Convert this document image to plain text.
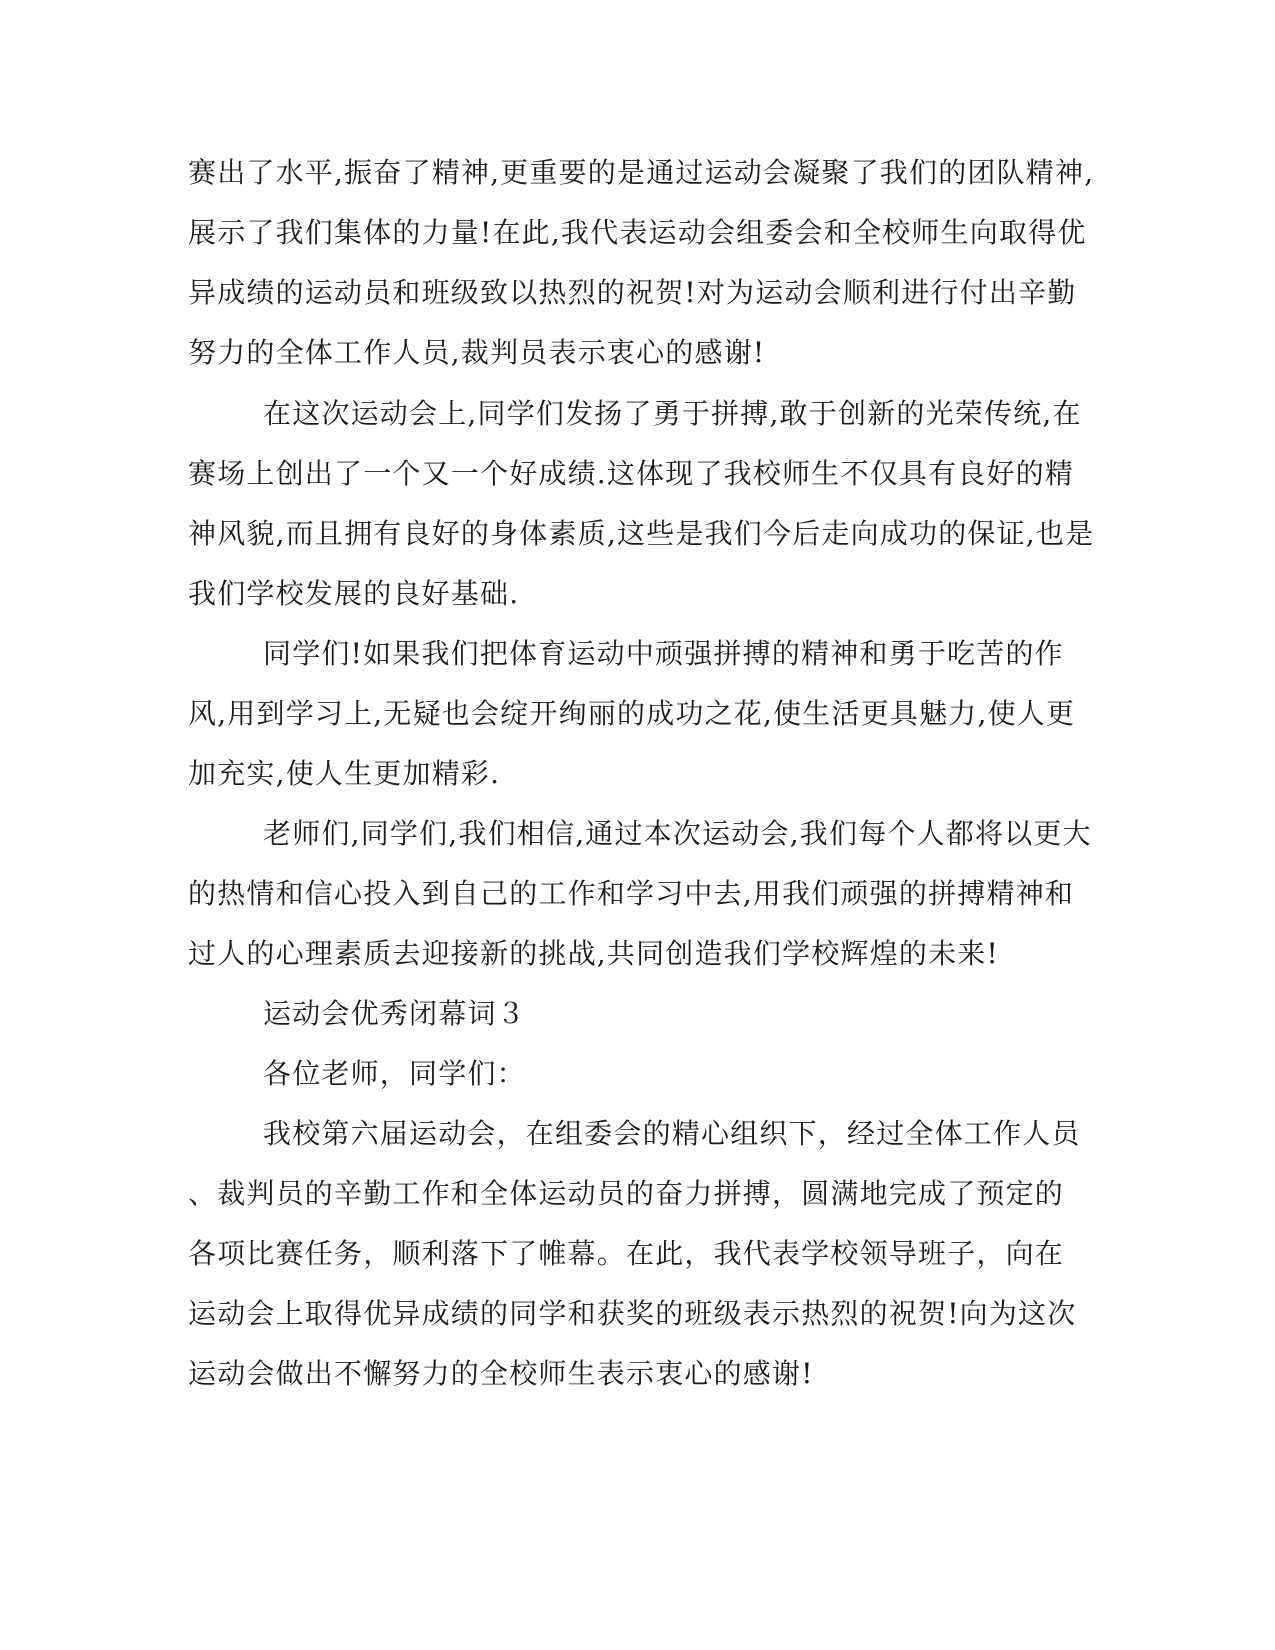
赛出了水平,振奋了精神,更重要的是通过运动会凝聚了我们的团队精神,
展示了我们集体的力量!在此,我代表运动会组委会和全校师生向取得优
异成绩的运动员和班级致以热烈的祝贺!对为运动会顺利进行付出辛勤
努力的全体工作人员,裁判员表示衷心的感谢!
在这次运动会上,同学们发扬了勇于拼搏,敢于创新的光荣传统,在
赛场上创出了一个又一个好成绩.这体现了我校师生不仅具有良好的精
神风貌,而且拥有良好的身体素质,这些是我们今后走向成功的保证,也是
我们学校发展的良好基础.
同学们!如果我们把体育运动中顽强拼搏的精神和勇于吃苦的作
风,用到学习上,无疑也会绽开绚丽的成功之花,使生活更具魅力,使人更
加充实,使人生更加精彩.
老师们,同学们,我们相信,通过本次运动会,我们每个人都将以更大
的热情和信心投入到自己的工作和学习中去,用我们顽强的拼搏精神和
过人的心理素质去迎接新的挑战,共同创造我们学校辉煌的未来!
运动会优秀闭幕词３
各位老师，同学们：
我校第六届运动会，在组委会的精心组织下，经过全体工作人员
、裁判员的辛勤工作和全体运动员的奋力拼搏，圆满地完成了预定的
各项比赛任务，顺利落下了帷幕。在此，我代表学校领导班子，向在
运动会上取得优异成绩的同学和获奖的班级表示热烈的祝贺!向为这次
运动会做出不懈努力的全校师生表示衷心的感谢!
